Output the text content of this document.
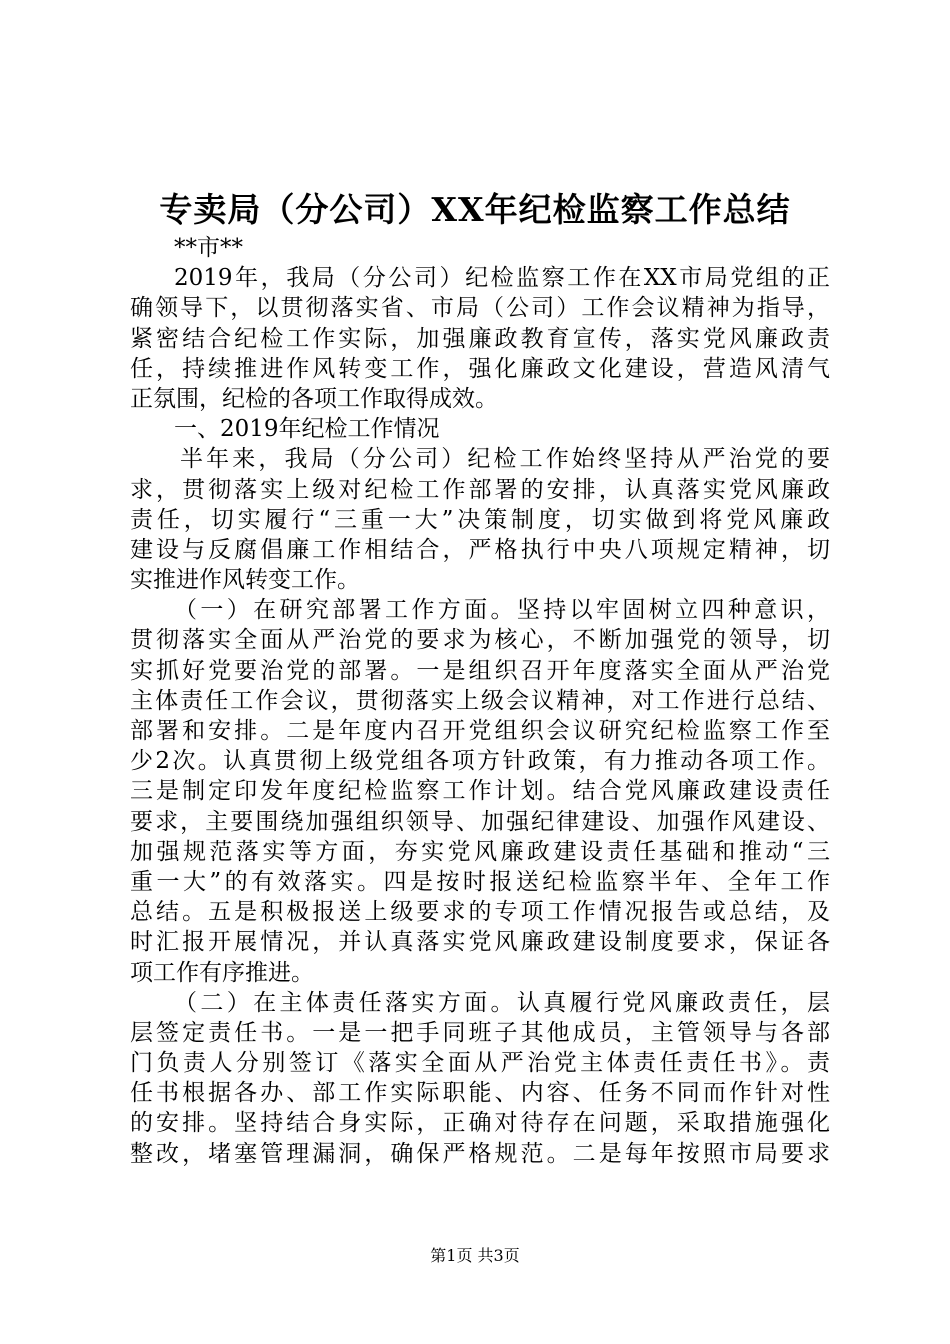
专卖局（分公司）XX年纪检监察工作总结
**市**
2019年，我局（分公司）纪检监察工作在XX市局党组的正
确领导下，以贯彻落实省、市局（公司）工作会议精神为指导，
紧密结合纪检工作实际，加强廉政教育宣传，落实党风廉政责
任，持续推进作风转变工作，强化廉政文化建设，营造风清气
正氛围，纪检的各项工作取得成效。
一、2019年纪检工作情况
半年来，我局（分公司）纪检工作始终坚持从严治党的要
求，贯彻落实上级对纪检工作部署的安排，认真落实党风廉政
责任，切实履行“三重一大”决策制度，切实做到将党风廉政
建设与反腐倡廉工作相结合，严格执行中央八项规定精神，切
实推进作风转变工作。
（一）在研究部署工作方面。坚持以牢固树立四种意识，
贯彻落实全面从严治党的要求为核心，不断加强党的领导，切
实抓好党要治党的部署。一是组织召开年度落实全面从严治党
主体责任工作会议，贯彻落实上级会议精神，对工作进行总结、
部署和安排。二是年度内召开党组织会议研究纪检监察工作至
少2次。认真贯彻上级党组各项方针政策，有力推动各项工作。
三是制定印发年度纪检监察工作计划。结合党风廉政建设责任
要求，主要围绕加强组织领导、加强纪律建设、加强作风建设、
加强规范落实等方面，夯实党风廉政建设责任基础和推动“三
重一大”的有效落实。四是按时报送纪检监察半年、全年工作
总结。五是积极报送上级要求的专项工作情况报告或总结，及
时汇报开展情况，并认真落实党风廉政建设制度要求，保证各
项工作有序推进。
（二）在主体责任落实方面。认真履行党风廉政责任，层
层签定责任书。一是一把手同班子其他成员，主管领导与各部
门负责人分别签订《落实全面从严治党主体责任责任书》。责
任书根据各办、部工作实际职能、内容、任务不同而作针对性
的安排。坚持结合身实际，正确对待存在问题，采取措施强化
整改，堵塞管理漏洞，确保严格规范。二是每年按照市局要求
第1页 共3页
